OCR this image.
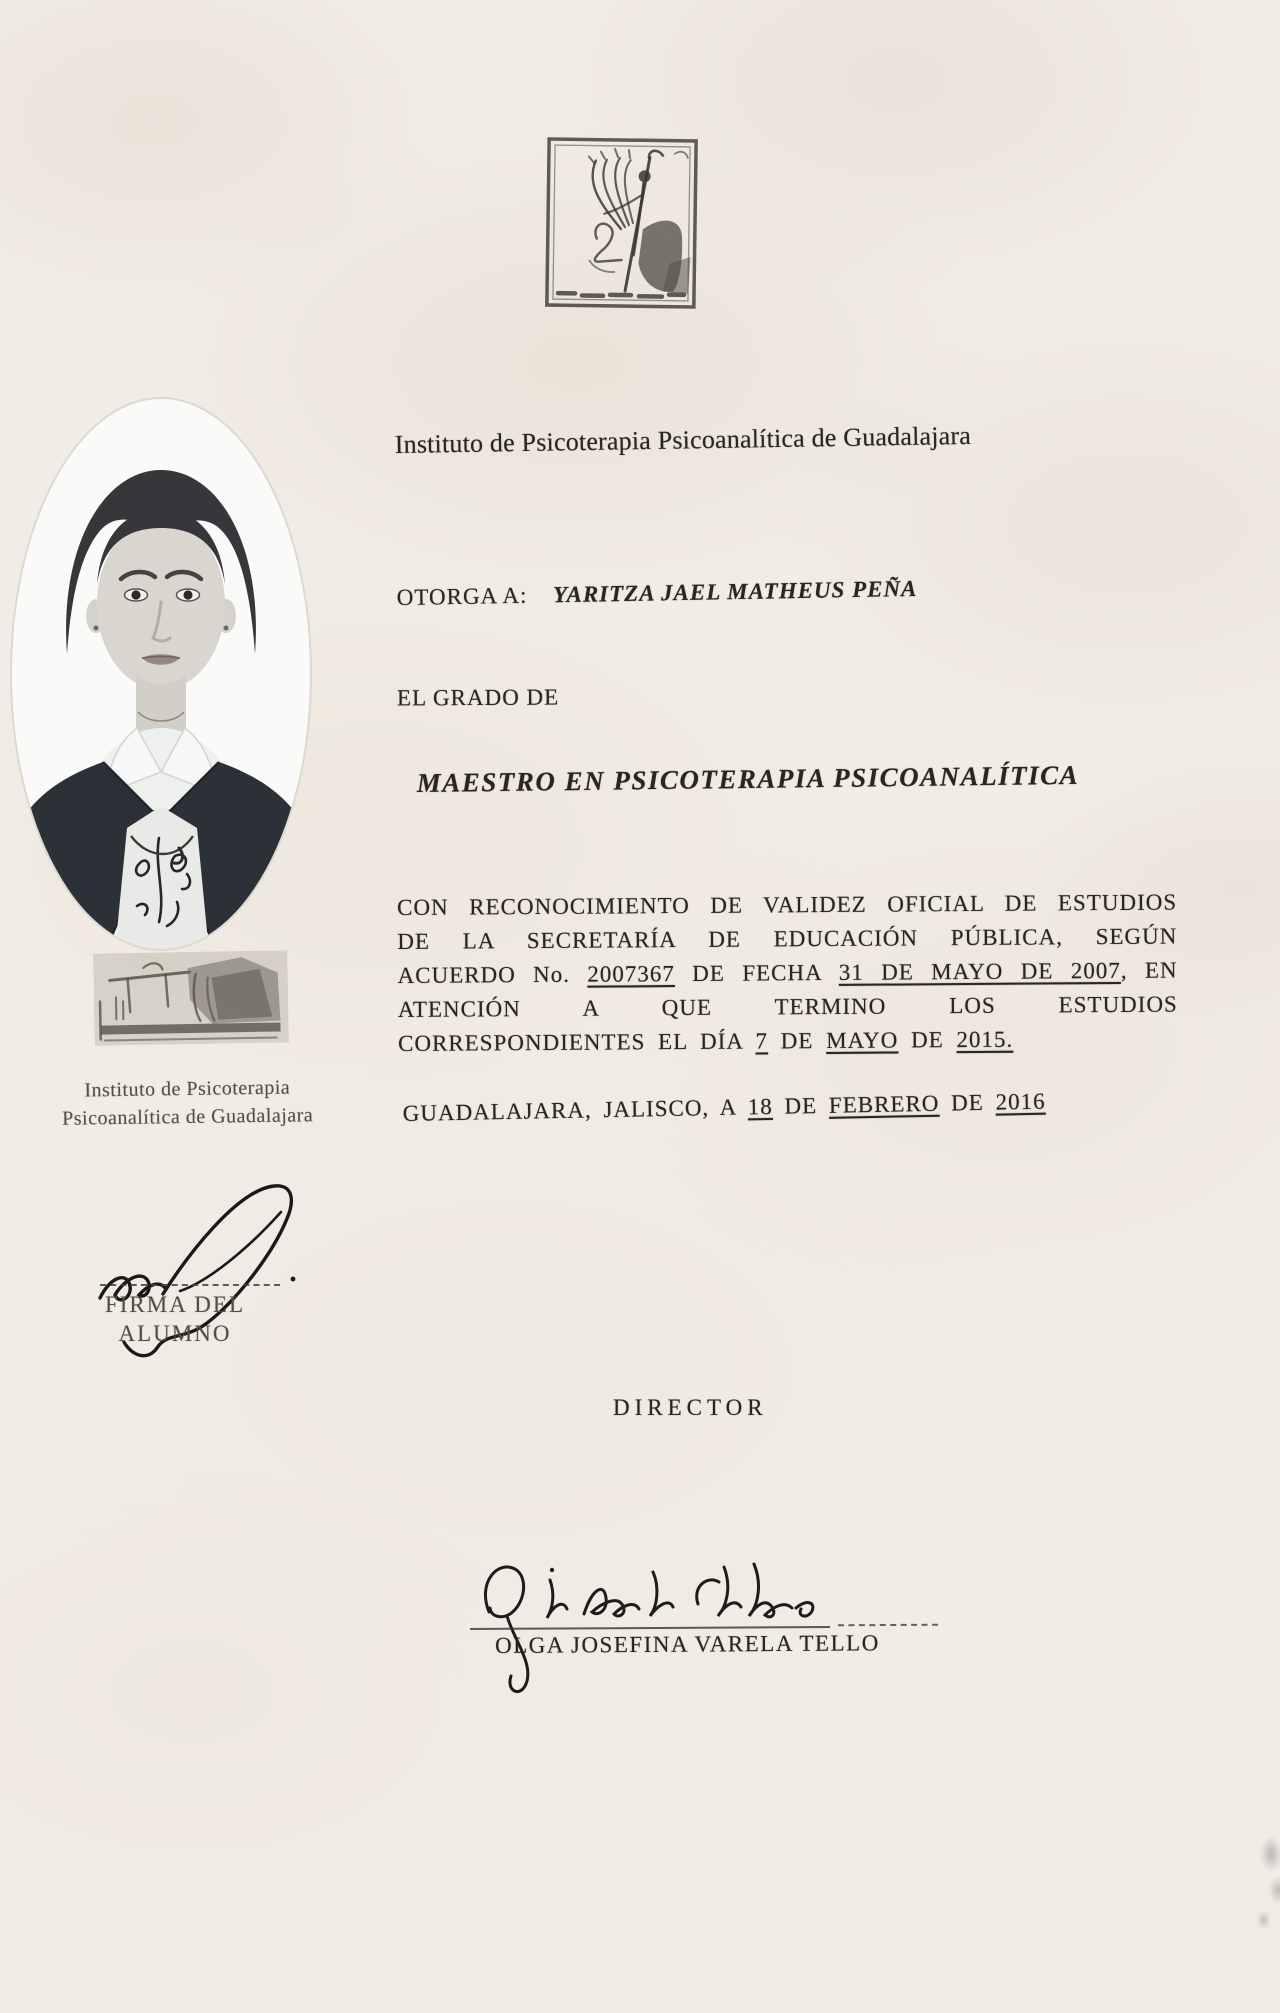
Instituto de Psicoterapia Psicoanalítica de Guadalajara
OTORGA A: YARITZA JAEL MATHEUS PEÑA
EL GRADO DE
MAESTRO EN PSICOTERAPIA PSICOANALÍTICA
CON RECONOCIMIENTO DE VALIDEZ OFICIAL DE ESTUDIOS
DE LA SECRETARÍA DE EDUCACIÓN PÚBLICA, SEGÚN
ACUERDO No. 2007367 DE FECHA 31 DE MAYO DE 2007, EN
ATENCIÓN A QUE TERMINO LOS ESTUDIOS
CORRESPONDIENTES EL DÍA 7 DE MAYO DE 2015.
GUADALAJARA, JALISCO, A 18 DE FEBRERO DE 2016
Instituto de Psicoterapia
Psicoanalítica de Guadalajara
FIRMA DEL
ALUMNO
DIRECTOR
OLGA JOSEFINA VARELA TELLO
